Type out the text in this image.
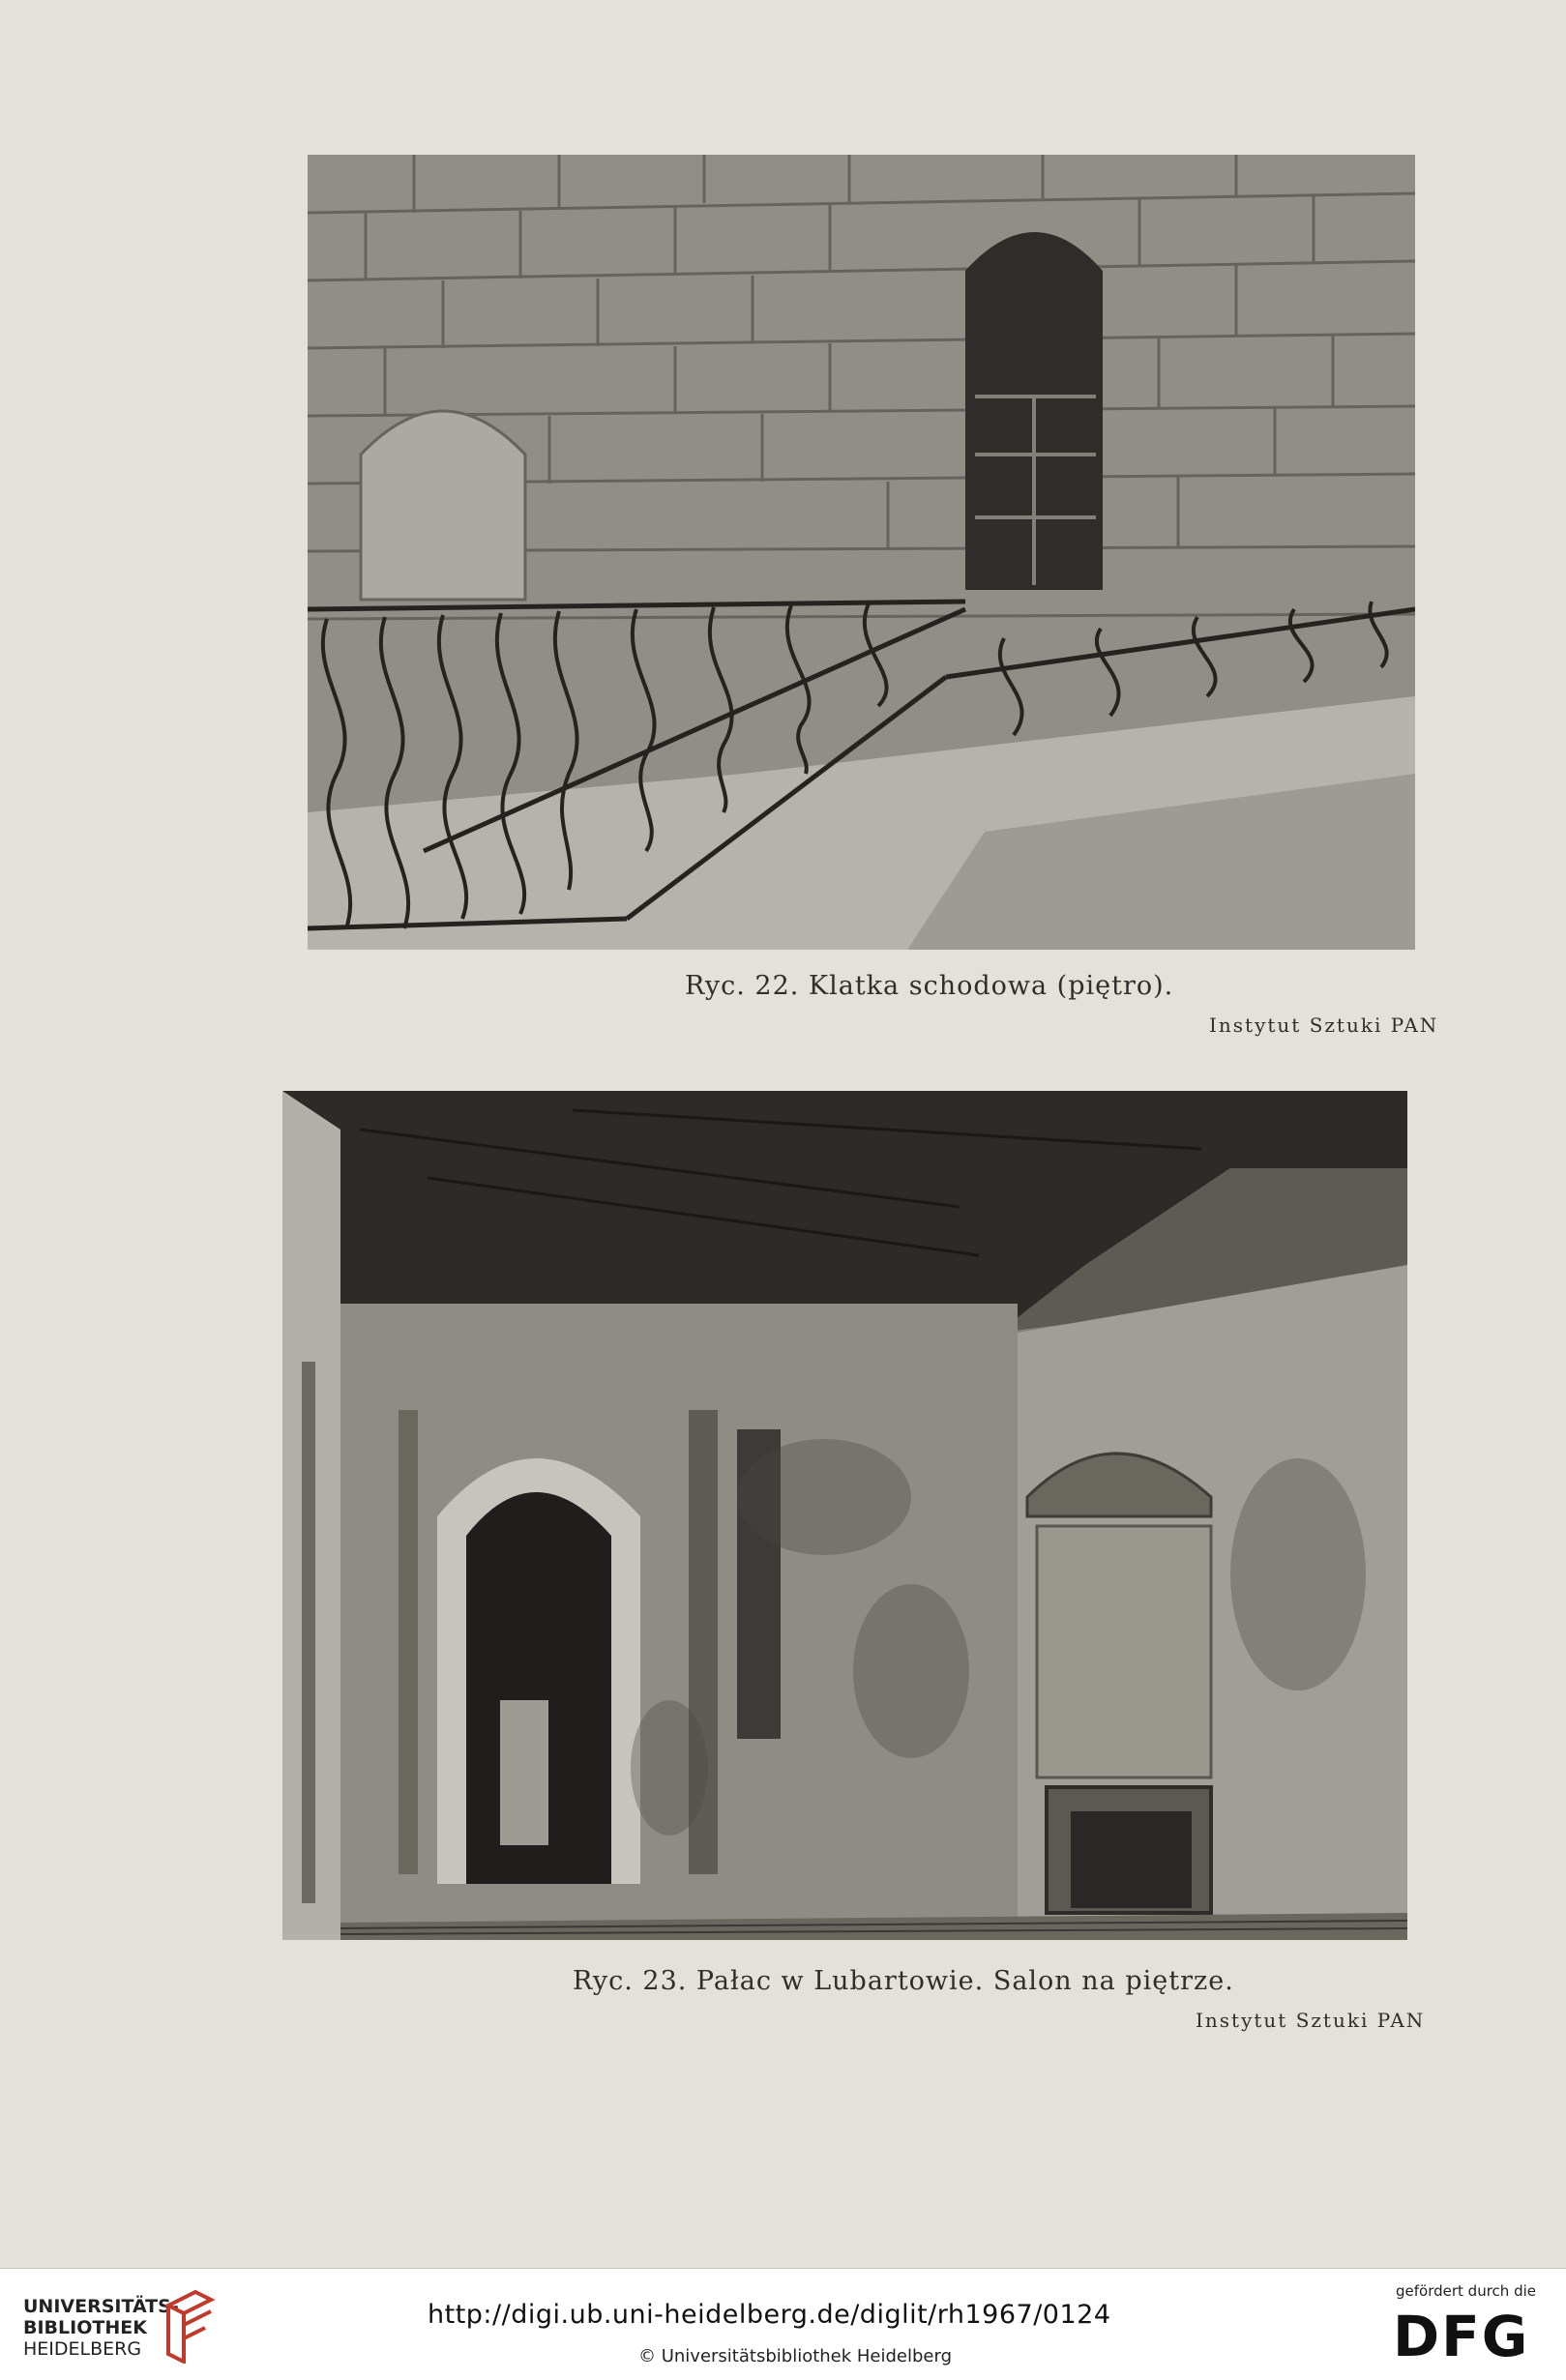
Ryc. 22. Klatka schodowa (piętro).
Instytut Sztuki PAN
Ryc. 23. Pałac w Lubartowie. Salon na piętrze.
Instytut Sztuki PAN
UNIVERSITÄTS-
BIBLIOTHEK
HEIDELBERG
http://digi.ub.uni-heidelberg.de/diglit/rh1967/0124
© Universitätsbibliothek Heidelberg
gefördert durch die
DFG
